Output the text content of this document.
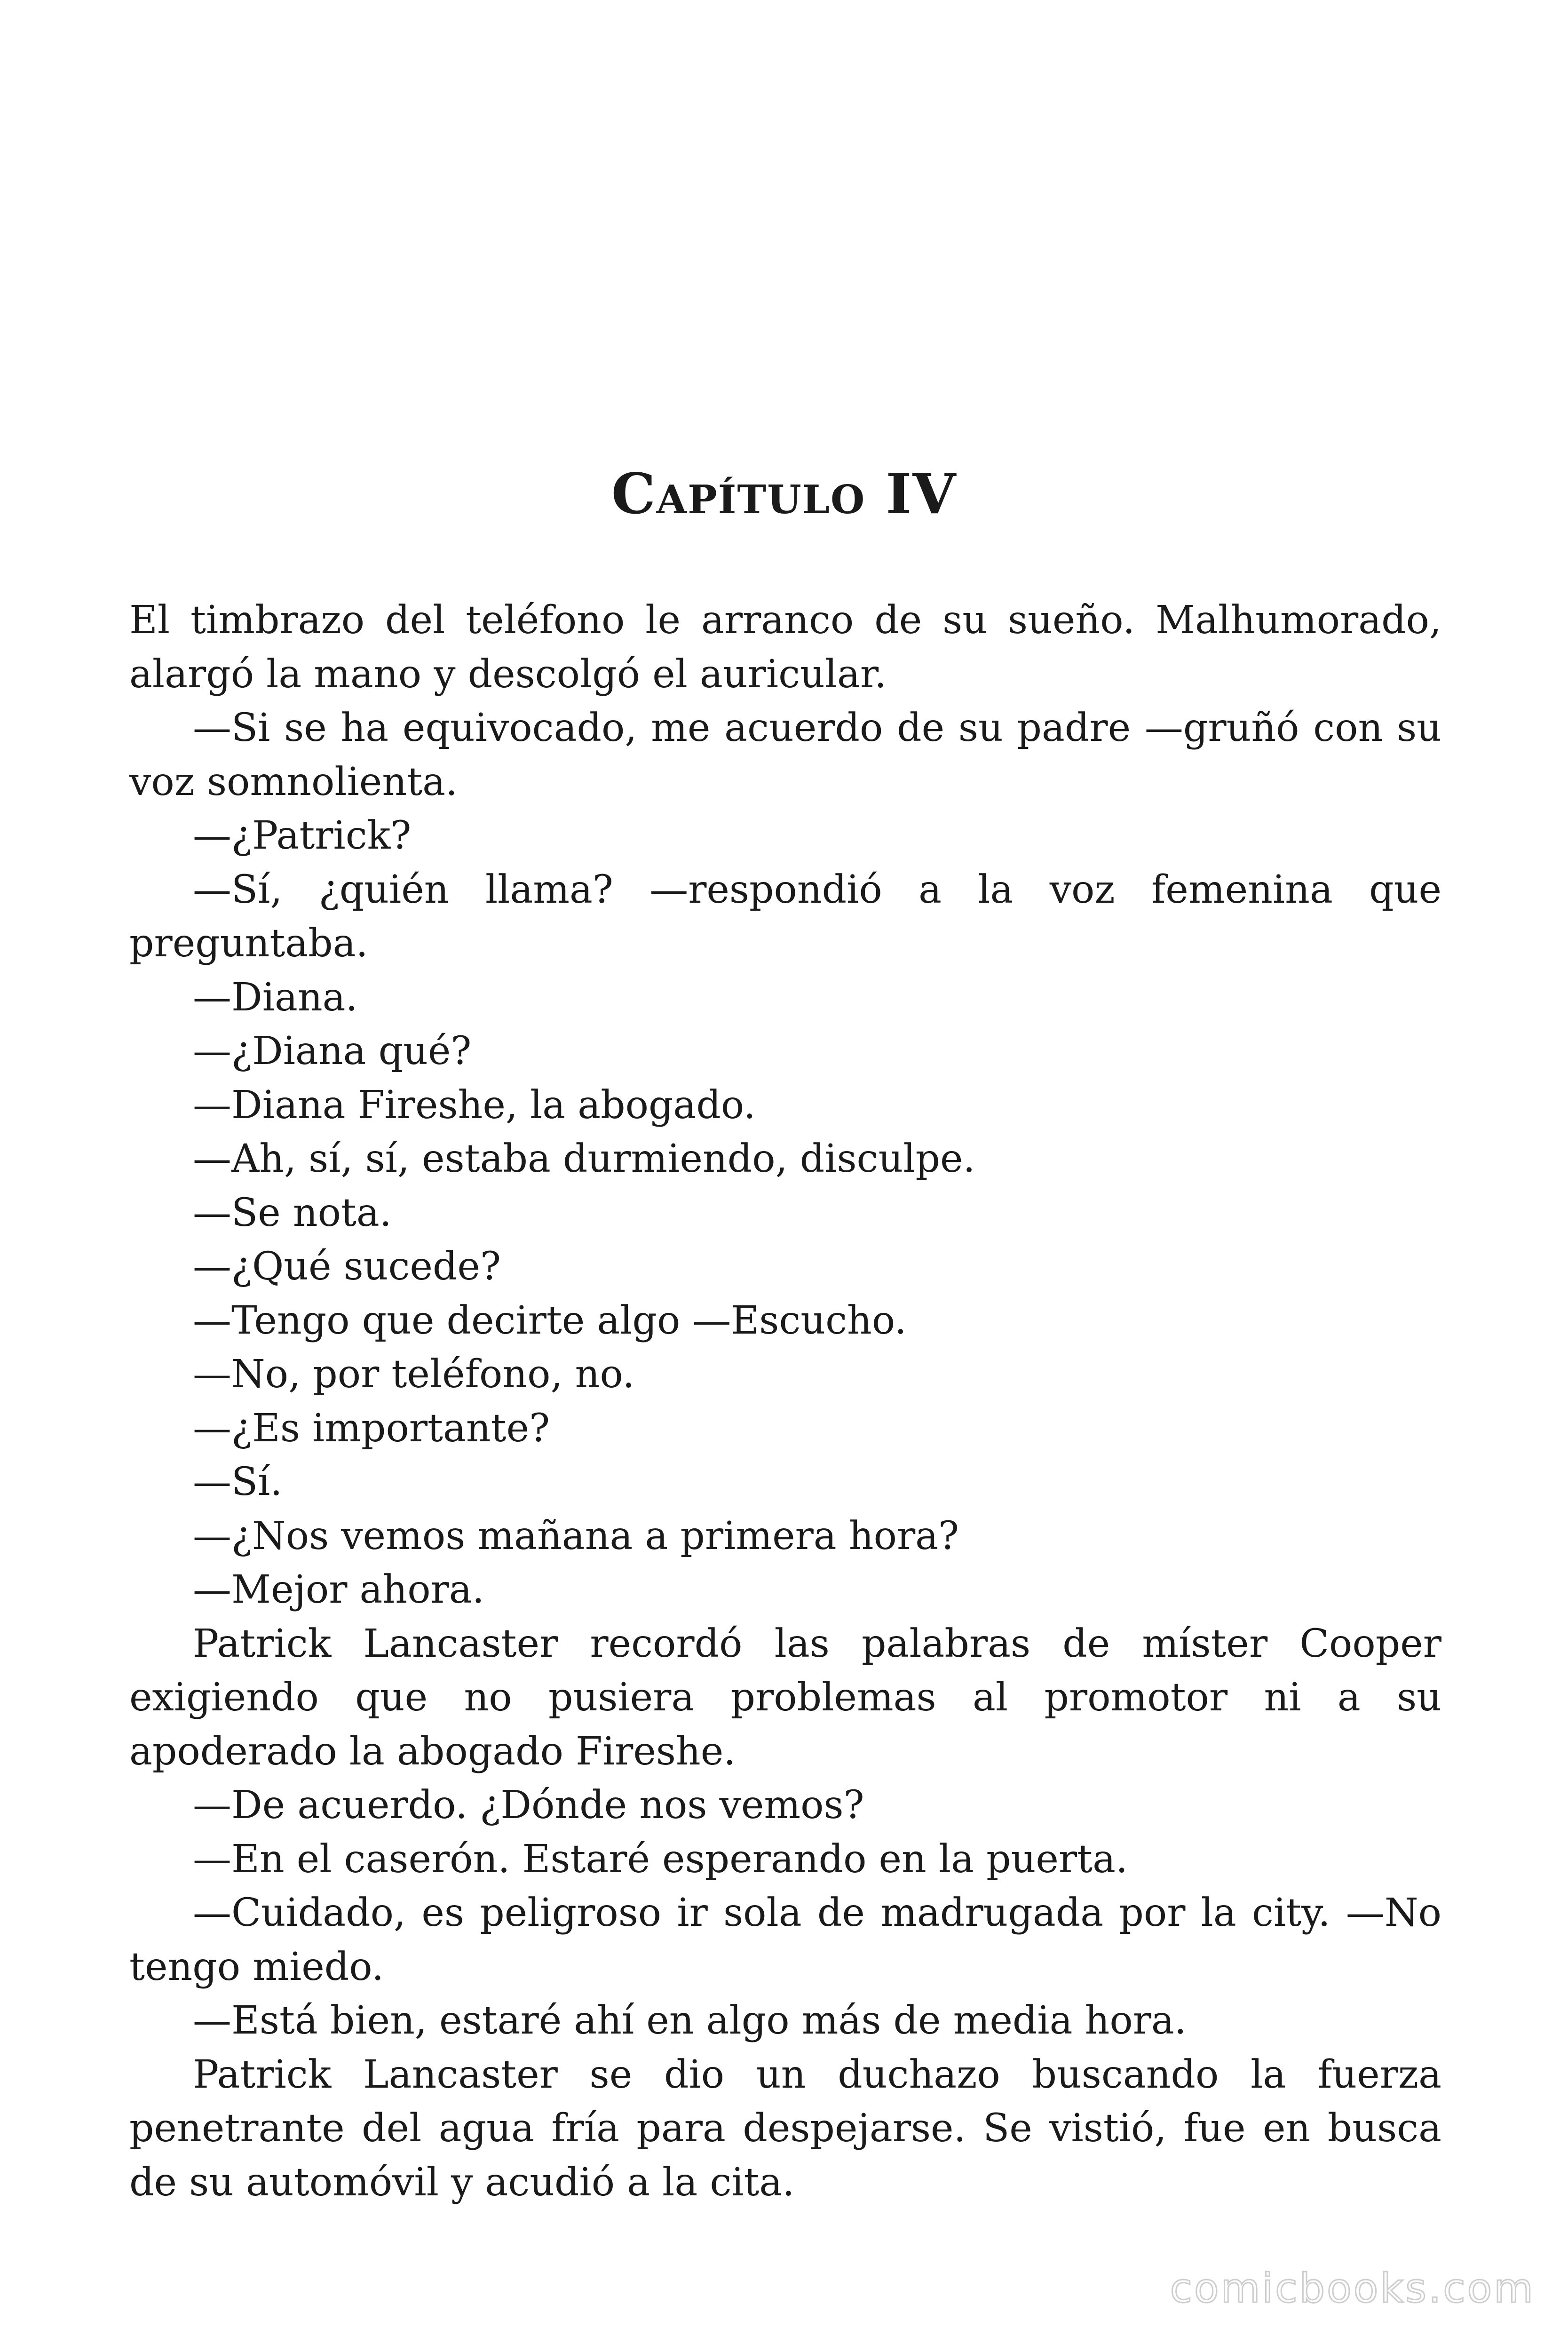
Capítulo IV

El timbrazo del teléfono le arranco de su sueño. Malhumorado, alargó la mano y descolgó el auricular.

—Si se ha equivocado, me acuerdo de su padre —gruñó con su voz somnolienta.

—¿Patrick?

—Sí, ¿quién llama? —respondió a la voz femenina que preguntaba.

—Diana.

—¿Diana qué?

—Diana Fireshe, la abogado.

—Ah, sí, sí, estaba durmiendo, disculpe.

—Se nota.

—¿Qué sucede?

—Tengo que decirte algo —Escucho.

—No, por teléfono, no.

—¿Es importante?

—Sí.

—¿Nos vemos mañana a primera hora?

—Mejor ahora.

Patrick Lancaster recordó las palabras de míster Cooper exigiendo que no pusiera problemas al promotor ni a su apoderado la abogado Fireshe.

—De acuerdo. ¿Dónde nos vemos?

—En el caserón. Estaré esperando en la puerta.

—Cuidado, es peligroso ir sola de madrugada por la city. —No tengo miedo.

—Está bien, estaré ahí en algo más de media hora.

Patrick Lancaster se dio un duchazo buscando la fuerza penetrante del agua fría para despejarse. Se vistió, fue en busca de su automóvil y acudió a la cita.

comicbooks.com
